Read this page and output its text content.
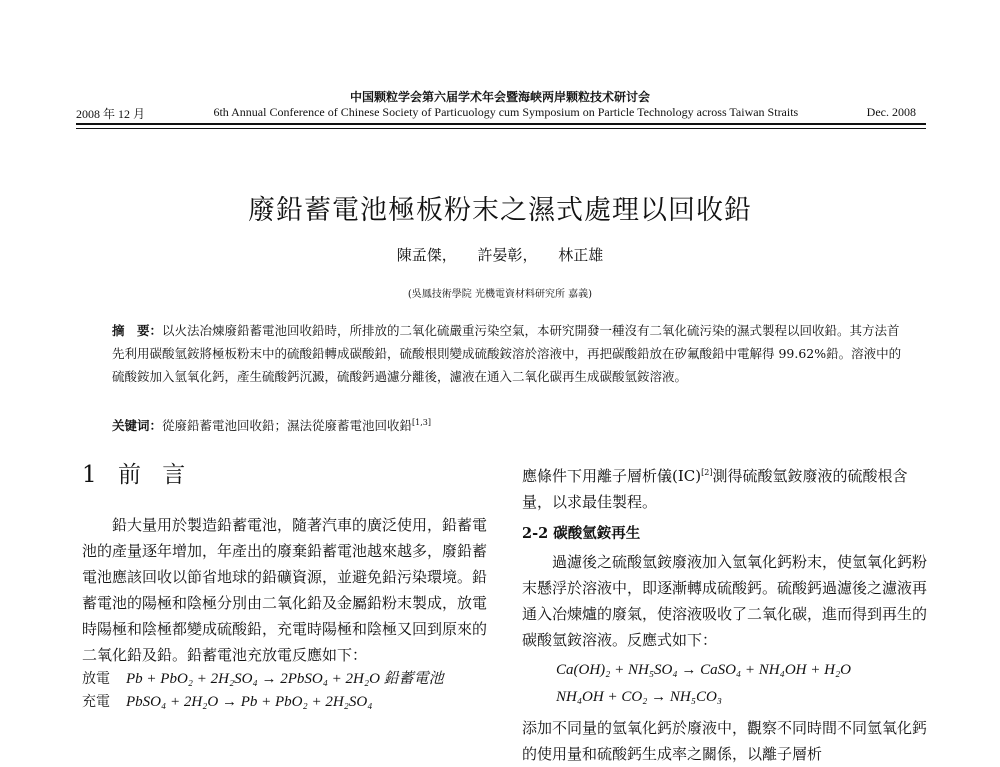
中国颗粒学会第六届学术年会暨海峡两岸颗粒技术研讨会
2008 年 12 月	6th Annual Conference of Chinese Society of Particuology cum Symposium on Particle Technology across Taiwan Straits	Dec. 2008
廢鉛蓄電池極板粉末之濕式處理以回收鉛
陳孟傑， 許晏彰， 林正雄
(吳鳳技術學院 光機電資材料研究所 嘉義)
摘　要：以火法冶煉廢鉛蓄電池回收鉛時，所排放的二氧化硫嚴重污染空氣，本研究開發一種沒有二氧化硫污染的濕式製程以回收鉛。其方法首先利用碳酸氫銨將極板粉末中的硫酸鉛轉成碳酸鉛，硫酸根則變成硫酸銨溶於溶液中，再把碳酸鉛放在矽氟酸鉛中電解得 99.62%鉛。溶液中的硫酸銨加入氫氧化鈣，產生硫酸鈣沉澱，硫酸鈣過濾分離後，濾液在通入二氧化碳再生成碳酸氫銨溶液。
关键词：從廢鉛蓄電池回收鉛；濕法從廢蓄電池回收鉛[1,3]
1 前 言

鉛大量用於製造鉛蓄電池，隨著汽車的廣泛使用，鉛蓄電池的產量逐年增加，年產出的廢棄鉛蓄電池越來越多，廢鉛蓄電池應該回收以節省地球的鉛礦資源，並避免鉛污染環境。鉛蓄電池的陽極和陰極分別由二氧化鉛及金屬鉛粉末製成，放電時陽極和陰極都變成硫酸鉛，充電時陽極和陰極又回到原來的二氧化鉛及鉛。鉛蓄電池充放電反應如下：

放電 Pb + PbO₂ + 2H₂SO₄ → 2PbSO₄ + 2H₂O 鉛蓄電池
充電 PbSO₄ + 2H₂O → Pb + PbO₂ + 2H₂SO₄

應條件下用離子層析儀(IC)[2]測得硫酸氫銨廢液的硫酸根含量，以求最佳製程。

2-2 碳酸氫銨再生

過濾後之硫酸氫銨廢液加入氫氧化鈣粉末，使氫氧化鈣粉末懸浮於溶液中，即逐漸轉成硫酸鈣。硫酸鈣過濾後之濾液再通入冶煉爐的廢氣，使溶液吸收了二氧化碳，進而得到再生的碳酸氫銨溶液。反應式如下：

Ca(OH)₂ + NH₅SO₄ → CaSO₄ + NH₄OH + H₂O
NH₄OH + CO₂ → NH₅CO₃

添加不同量的氫氧化鈣於廢液中，觀察不同時間不同氫氧化鈣的使用量和硫酸鈣生成率之關係，以離子層析
